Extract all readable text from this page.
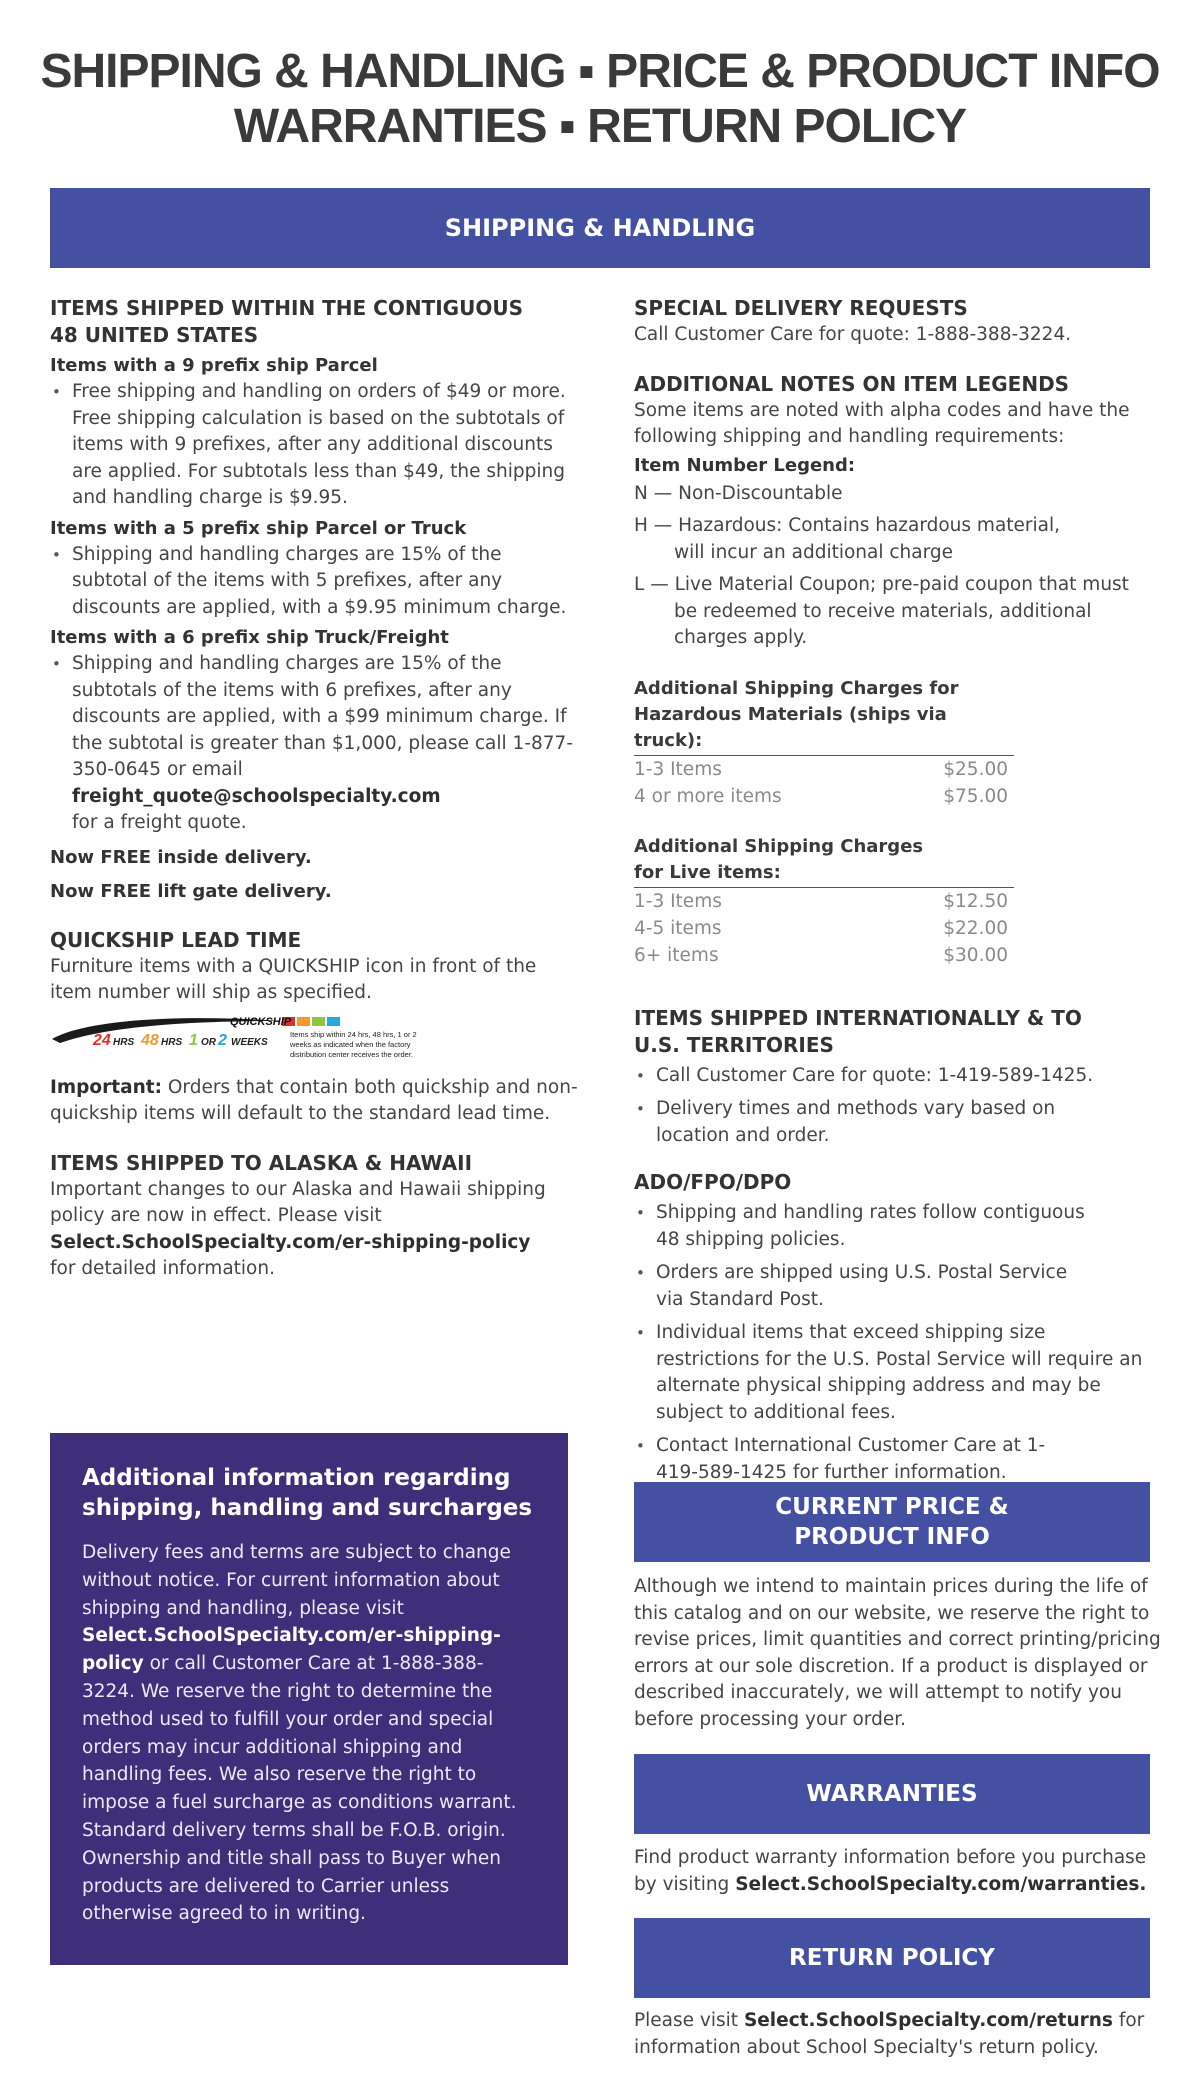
SHIPPING & HANDLING ▪ PRICE & PRODUCT INFO
WARRANTIES ▪ RETURN POLICY
SHIPPING & HANDLING
ITEMS SHIPPED WITHIN THE CONTIGUOUS
48 UNITED STATES
Items with a 9 prefix ship Parcel
• Free shipping and handling on orders of $49 or more. Free shipping calculation is based on the subtotals of items with 9 prefixes, after any additional discounts are applied. For subtotals less than $49, the shipping and handling charge is $9.95.
Items with a 5 prefix ship Parcel or Truck
• Shipping and handling charges are 15% of the subtotal of the items with 5 prefixes, after any discounts are applied, with a $9.95 minimum charge.
Items with a 6 prefix ship Truck/Freight
• Shipping and handling charges are 15% of the subtotals of the items with 6 prefixes, after any discounts are applied, with a $99 minimum charge. If the subtotal is greater than $1,000, please call 1-877-350-0645 or email freight_quote@schoolspecialty.com
for a freight quote.
Now FREE inside delivery.
Now FREE lift gate delivery.
QUICKSHIP LEAD TIME

Furniture items with a QUICKSHIP icon in front of the item number will ship as specified.

QUICKSHIP
24 HRS 48 HRS 1 OR 2 WEEKS
Items ship within 24 hrs, 48 hrs, 1 or 2
weeks as indicated when the factory
distribution center receives the order.

Important: Orders that contain both quickship and non-quickship items will default to the standard lead time.

ITEMS SHIPPED TO ALASKA & HAWAII

Important changes to our Alaska and Hawaii shipping policy are now in effect. Please visit
Select.SchoolSpecialty.com/er-shipping-policy
for detailed information.

Additional information regarding shipping, handling and surcharges

Delivery fees and terms are subject to change without notice. For current information about shipping and handling, please visit Select.SchoolSpecialty.com/er-shipping-policy or call Customer Care at 1-888-388-3224. We reserve the right to determine the method used to fulfill your order and special orders may incur additional shipping and handling fees. We also reserve the right to impose a fuel surcharge as conditions warrant. Standard delivery terms shall be F.O.B. origin. Ownership and title shall pass to Buyer when products are delivered to Carrier unless otherwise agreed to in writing.

SPECIAL DELIVERY REQUESTS

Call Customer Care for quote: 1-888-388-3224.

ADDITIONAL NOTES ON ITEM LEGENDS

Some items are noted with alpha codes and have the following shipping and handling requirements:

Item Number Legend:
N — Non-Discountable
H — Hazardous: Contains hazardous material, will incur an additional charge
L — Live Material Coupon; pre-paid coupon that must be redeemed to receive materials, additional charges apply.
Additional Shipping Charges for
Hazardous Materials (ships via truck):
1-3 Items	$25.00
4 or more items	$75.00
Additional Shipping Charges
for Live items:
1-3 Items	$12.50
4-5 items	$22.00
6+ items	$30.00
ITEMS SHIPPED INTERNATIONALLY & TO U.S. TERRITORIES
• Call Customer Care for quote: 1-419-589-1425.
• Delivery times and methods vary based on location and order.
ADO/FPO/DPO
• Shipping and handling rates follow contiguous 48 shipping policies.
• Orders are shipped using U.S. Postal Service via Standard Post.
• Individual items that exceed shipping size restrictions for the U.S. Postal Service will require an alternate physical shipping address and may be subject to additional fees.
• Contact International Customer Care at 1-419-589-1425 for further information.
CURRENT PRICE &
PRODUCT INFO
Although we intend to maintain prices during the life of this catalog and on our website, we reserve the right to revise prices, limit quantities and correct printing/pricing errors at our sole discretion. If a product is displayed or described inaccurately, we will attempt to notify you before processing your order.
WARRANTIES
Find product warranty information before you purchase by visiting Select.SchoolSpecialty.com/warranties.
RETURN POLICY
Please visit Select.SchoolSpecialty.com/returns for information about School Specialty's return policy.
